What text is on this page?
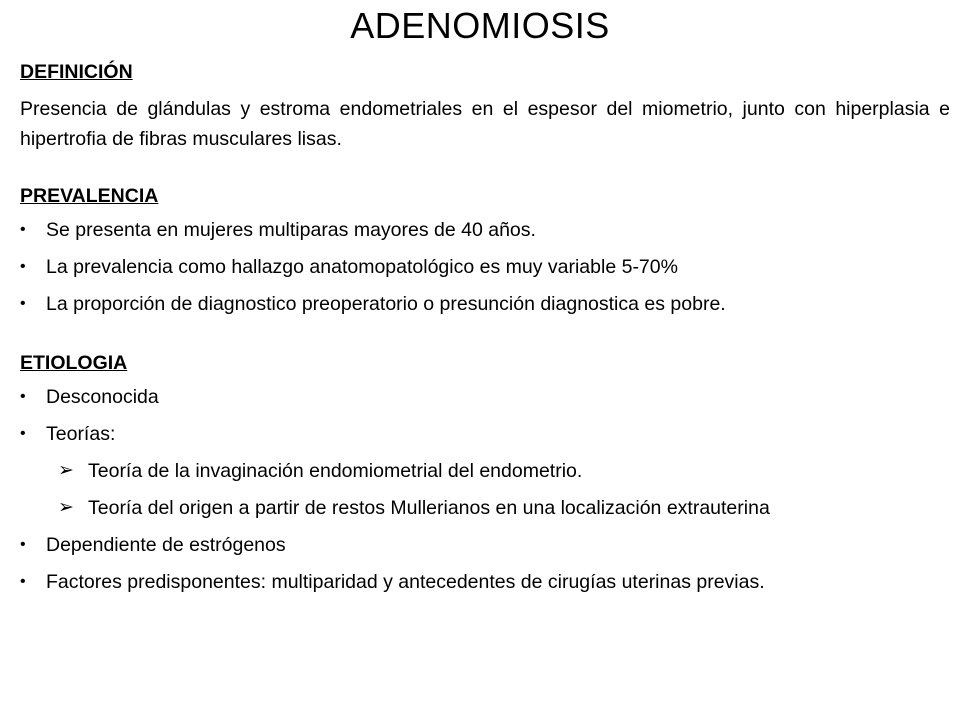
ADENOMIOSIS
DEFINICIÓN

Presencia de glándulas y estroma endometriales en el espesor del miometrio, junto con hiperplasia e hipertrofia de fibras musculares lisas.

PREVALENCIA
• Se presenta en mujeres multiparas mayores de 40 años.
• La prevalencia como hallazgo anatomopatológico es muy variable 5-70%
• La proporción de diagnostico preoperatorio o presunción diagnostica es pobre.
ETIOLOGIA
• Desconocida
• Teorías:
➢ Teoría de la invaginación endomiometrial del endometrio.
➢ Teoría del origen a partir de restos Mullerianos en una localización extrauterina
• Dependiente de estrógenos
• Factores predisponentes: multiparidad y antecedentes de cirugías uterinas previas.
